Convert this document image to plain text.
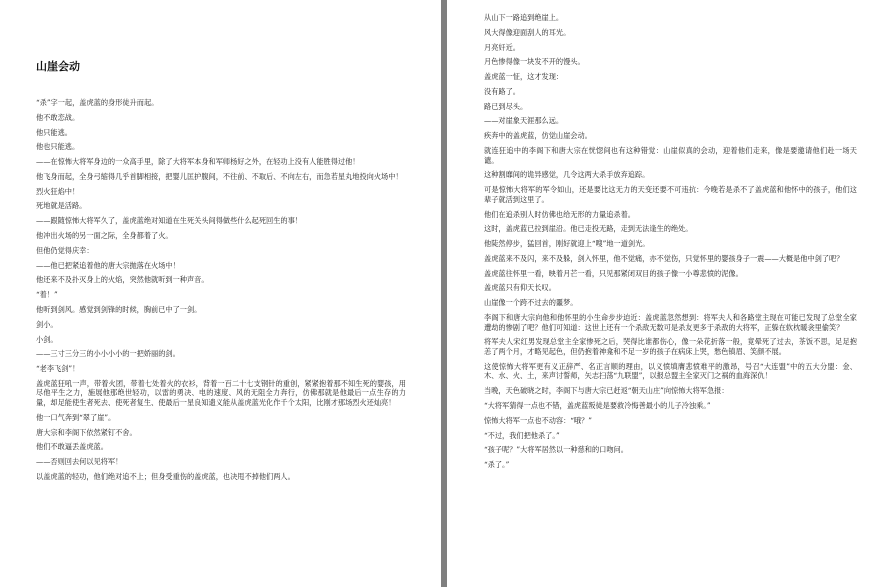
山崖会动

“杀”字一起，盖虎蓝的身形徒升而起。

他不敢恋战。

他只能逃。

他也只能逃。

——在惊怖大将军身边的一众高手里，除了大将军本身和军师杨好之外，在轻功上没有人能胜得过他！

他飞身而起，全身弓缩得几乎首脚相接，把婴儿匡护腹间，不往前、不取后、不向左右，而急若星丸地投向火场中！

烈火狂焰中！

死地就是活路。

——跟随惊怖大将军久了，盖虎蓝绝对知道在生死关头间得做些什么起死回生的事！

他冲出火场的另一面之际，全身都着了火。

但他仍觉得庆幸：

——他已把紧追着他的唐大宗抛落在火场中！

他还来不及扑灭身上的火焰，突然他就听到一种声音。

“着！”

他听到剑风。感觉到剑锋的时候，胸前已中了一剑。

剑小。

小剑。

——三寸三分三的小小小小的一把娇丽的剑。

“老李飞剑”！

盖虎蓝狂吼一声，带着火团，带着七处着火的衣衫，背着一百二十七支钢针的重创，紧紧抱着那不知生死的婴孩，用尽他平生之力，施展他那绝世轻功，以雷的勇决、电的速度、风的无阻全力奔行，仿佛那就是他最后一点生存的力量，却足能使生者死去、使死者复生、使最后一星良知遗义能从盖虎蓝光化作千个太阳，比刚才那场烈火还灿亮！

他一口气奔到“翠了崖”。

唐大宗和李阁下依然紧钉不舍。

他们不敢逼丢盖虎蓝。

——否则回去何以见将军！

以盖虎蓝的轻功，他们绝对追不上；但身受重伤的盖虎蓝，也决甩不掉他们两人。

从山下一路追到绝崖上。

风大得像迎面刮人的耳光。

月亮奸近。

月色惨得像一块发不开的馒头。

盖虎蓝一怔，这才发现：

没有路了。

路已到尽头。

——对崖象天涯那么远。

疾奔中的盖虎蓝，仿觉山崖会动。

就连狂追中的李阁下和唐大宗在恍惚间也有这种错觉：山崖似真的会动，迎着他们走来，像是要邀请他们赴一场天谴。

这种割靡间的诡异感觉，几令这两大杀手放弃追踪。

可是惊怖大将军的军令如山，还是要比这无力的天变还要不可违抗：今晚若是杀不了盖虎蓝和他怀中的孩子，他们这辈子就活到这里了。

他们在追杀别人时仿佛也给无形的力量追杀着。

这时，盖虎蓝已拉到崖沿。他已走投无路，走到无法逢生的绝处。

他陡然停步，猛回首，刚好就迎上“嗖”地一道剑光。

盖虎蓝来不及闪，来不及躲，剑入怀里，他不觉痛，亦不觉伤，只觉怀里的婴孩身子一震——大概是他中剑了吧？

盖虎蓝往怀里一看，映着月芒一看，只见那紧闭双目的孩子像一小尊悲愤的泥像。

盖虎蓝只有仰天长叹。

山崖像一个跨不过去的噩梦。

李阁下和唐大宗向他和他怀里的小生命步步迫近：盖虎蓝忽然想到：将军夫人和各路堂主现在可能已发现了总堂全家遭劫的惨剧了吧？他们可知道：这世上还有一个杀敌无数可是杀友更多于杀敌的大将军，正躲在软枕暖衾里偷笑？

将军夫人宋红男发现总堂主全家惨死之后，哭得比谁都伤心，像一朵花折落一般，竟晕死了过去，茶饭不思，足足抱恙了两个月，才略见起色，但仍抱着神龛和不足一岁的孩子在病床上哭，愁色镇眉、笑颜不展。

这使惊怖大将军更有义正辞严、名正言顺的理由，以义愤填膺悲愤难平的激昂，号召“大连盟”中的五大分盟：金、木、水、火、土，来声讨誓师，矢志扫荡“九联盟”，以报总盟主全家灭门之祸的血海深仇！

当晚，天色破晓之时，李阁下与唐大宗已赶返“朝天山庄”向惊怖大将军急报：

“大将军猜得一点也不错，盖虎蓝叛徒是要救冷悔善最小的儿子冷浊乘。”

惊怖大将军一点也不动容：“哦？”

“不过，我们把他杀了。”

“孩子呢？”大将军居然以一种慈和的口吻问。

“杀了。”
